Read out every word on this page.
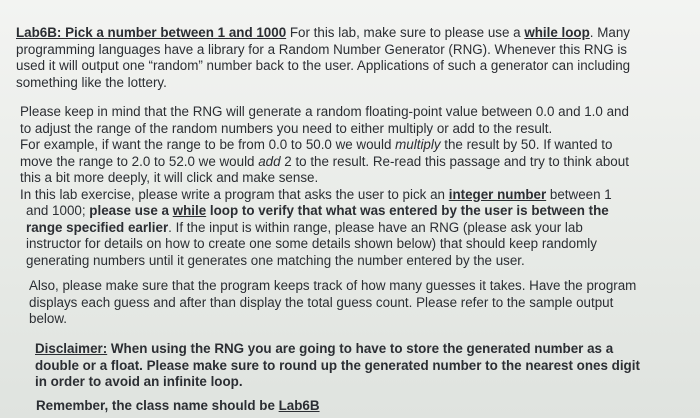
Lab6B: Pick a number between 1 and 1000 For this lab, make sure to please use a while loop. Many

programming languages have a library for a Random Number Generator (RNG). Whenever this RNG is

used it will output one “random” number back to the user. Applications of such a generator can including

something like the lottery.

Please keep in mind that the RNG will generate a random floating-point value between 0.0 and 1.0 and

to adjust the range of the random numbers you need to either multiply or add to the result.

For example, if want the range to be from 0.0 to 50.0 we would multiply the result by 50. If wanted to

move the range to 2.0 to 52.0 we would add 2 to the result. Re-read this passage and try to think about

this a bit more deeply, it will click and make sense.

In this lab exercise, please write a program that asks the user to pick an integer number between 1

and 1000; please use a while loop to verify that what was entered by the user is between the

range specified earlier. If the input is within range, please have an RNG (please ask your lab

instructor for details on how to create one some details shown below) that should keep randomly

generating numbers until it generates one matching the number entered by the user.

Also, please make sure that the program keeps track of how many guesses it takes. Have the program

displays each guess and after than display the total guess count. Please refer to the sample output

below.

Disclaimer: When using the RNG you are going to have to store the generated number as a

double or a float. Please make sure to round up the generated number to the nearest ones digit

in order to avoid an infinite loop.

Remember, the class name should be Lab6B
